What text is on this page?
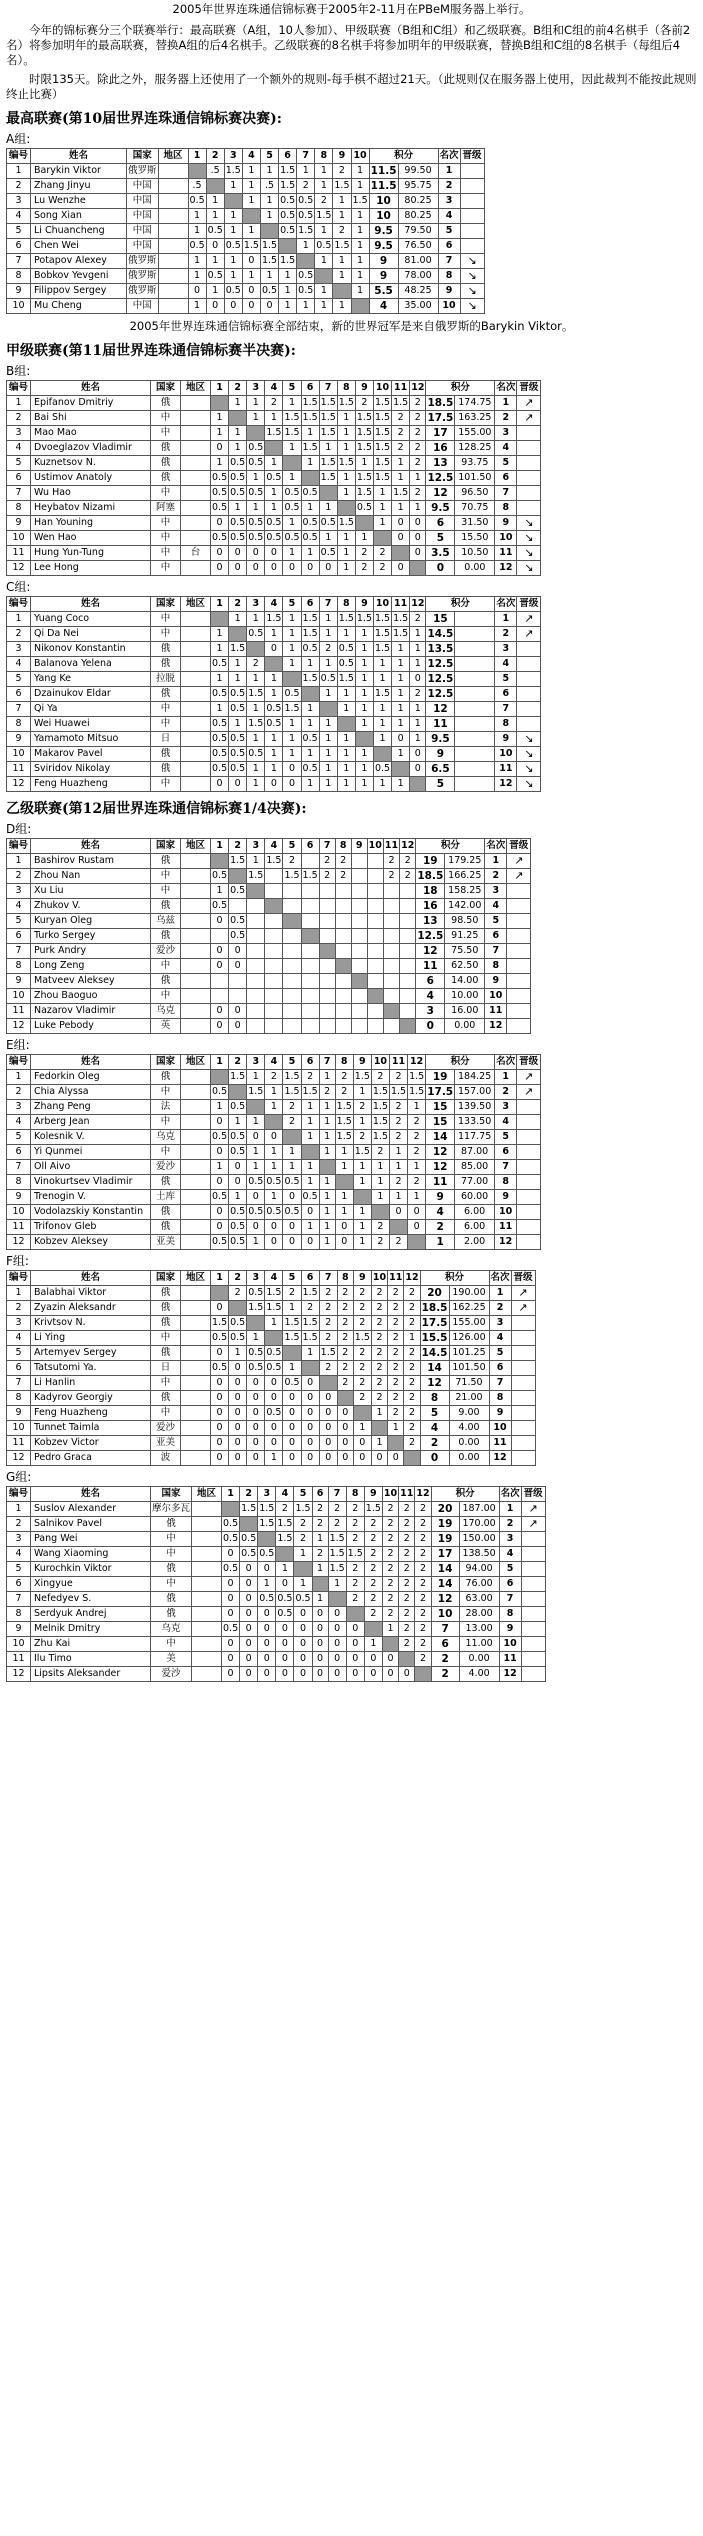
2005年世界连珠通信锦标赛于2005年2-11月在PBeM服务器上举行。

今年的锦标赛分三个联赛举行：最高联赛（A组，10人参加）、甲级联赛（B组和C组）和乙级联赛。B组和C组的前4名棋手（各前2名）将参加明年的最高联赛，替换A组的后4名棋手。乙级联赛的8名棋手将参加明年的甲级联赛，替换B组和C组的8名棋手（每组后4名）。

时限135天。除此之外，服务器上还使用了一个额外的规则-每手棋不超过21天。（此规则仅在服务器上使用，因此裁判不能按此规则终止比赛）

最高联赛(第10届世界连珠通信锦标赛决赛):
A组:
编号	姓名	国家	地区	1	2	3	4	5	6	7	8	9	10	积分		名次	晋级
1	Barykin Viktor	俄罗斯			.5	1.5	1	1	1.5	1	1	2	1	11.5	99.50	1	
2	Zhang Jinyu	中国		.5		1	1	.5	1.5	2	1	1.5	1	11.5	95.75	2	
3	Lu Wenzhe	中国		0.5	1		1	1	0.5	0.5	2	1	1.5	10	80.25	3	
4	Song Xian	中国		1	1	1		1	0.5	0.5	1.5	1	1	10	80.25	4	
5	Li Chuancheng	中国		1	0.5	1	1		0.5	1.5	1	2	1	9.5	79.50	5	
6	Chen Wei	中国		0.5	0	0.5	1.5	1.5		1	0.5	1.5	1	9.5	76.50	6	
7	Potapov Alexey	俄罗斯		1	1	1	0	1.5	1.5		1	1	1	9	81.00	7	↘
8	Bobkov Yevgeni	俄罗斯		1	0.5	1	1	1	1	0.5		1	1	9	78.00	8	↘
9	Filippov Sergey	俄罗斯		0	1	0.5	0	0.5	1	0.5	1		1	5.5	48.25	9	↘
10	Mu Cheng	中国		1	0	0	0	0	1	1	1	1		4	35.00	10	↘
2005年世界连珠通信锦标赛全部结束，新的世界冠军是来自俄罗斯的Barykin Viktor。
甲级联赛(第11届世界连珠通信锦标赛半决赛):
B组:
编号	姓名	国家	地区	1	2	3	4	5	6	7	8	9	10	11	12	积分		名次	晋级
1	Epifanov Dmitriy	俄			1	1	2	1	1.5	1.5	1.5	2	1.5	1.5	2	18.5	174.75	1	↗
2	Bai Shi	中		1		1	1	1.5	1.5	1.5	1	1.5	1.5	2	2	17.5	163.25	2	↗
3	Mao Mao	中		1	1		1.5	1.5	1	1.5	1	1.5	1.5	2	2	17	155.00	3	
4	Dvoeglazov Vladimir	俄		0	1	0.5		1	1.5	1	1	1.5	1.5	2	2	16	128.25	4	
5	Kuznetsov N.	俄		1	0.5	0.5	1		1	1.5	1.5	1	1.5	1	2	13	93.75	5	
6	Ustimov Anatoly	俄		0.5	0.5	1	0.5	1		1.5	1	1.5	1.5	1	1	12.5	101.50	6	
7	Wu Hao	中		0.5	0.5	0.5	1	0.5	0.5		1	1.5	1	1.5	2	12	96.50	7	
8	Heybatov Nizami	阿塞		0.5	1	1	1	0.5	1	1		0.5	1	1	1	9.5	70.75	8	
9	Han Youning	中		0	0.5	0.5	0.5	1	0.5	0.5	1.5		1	0	0	6	31.50	9	↘
10	Wen Hao	中		0.5	0.5	0.5	0.5	0.5	0.5	1	1	1		0	0	5	15.50	10	↘
11	Hung Yun-Tung	中	台	0	0	0	0	1	1	0.5	1	2	2		0	3.5	10.50	11	↘
12	Lee Hong	中		0	0	0	0	0	0	0	1	2	2	0		0	0.00	12	↘
C组:
编号	姓名	国家	地区	1	2	3	4	5	6	7	8	9	10	11	12	积分		名次	晋级
1	Yuang Coco	中			1	1	1.5	1	1.5	1	1.5	1.5	1.5	1.5	2	15		1	↗
2	Qi Da Nei	中		1		0.5	1	1	1.5	1	1	1	1.5	1.5	1	14.5		2	↗
3	Nikonov Konstantin	俄		1	1.5		0	1	0.5	2	0.5	1	1.5	1	1	13.5		3	
4	Balanova Yelena	俄		0.5	1	2		1	1	1	0.5	1	1	1	1	12.5		4	
5	Yang Ke	拉脱		1	1	1	1		1.5	0.5	1.5	1	1	1	0	12.5		5	
6	Dzainukov Eldar	俄		0.5	0.5	1.5	1	0.5		1	1	1	1.5	1	2	12.5		6	
7	Qi Ya	中		1	0.5	1	0.5	1.5	1		1	1	1	1	1	12		7	
8	Wei Huawei	中		0.5	1	1.5	0.5	1	1	1		1	1	1	1	11		8	
9	Yamamoto Mitsuo	日		0.5	0.5	1	1	1	0.5	1	1		1	0	1	9.5		9	↘
10	Makarov Pavel	俄		0.5	0.5	0.5	1	1	1	1	1	1		1	0	9		10	↘
11	Sviridov Nikolay	俄		0.5	0.5	1	1	0	0.5	1	1	1	0.5		0	6.5		11	↘
12	Feng Huazheng	中		0	0	1	0	0	1	1	1	1	1	1		5		12	↘
乙级联赛(第12届世界连珠通信锦标赛1/4决赛):
D组:
编号	姓名	国家	地区	1	2	3	4	5	6	7	8	9	10	11	12	积分		名次	晋级
1	Bashirov Rustam	俄			1.5	1	1.5	2		2	2			2	2	19	179.25	1	↗
2	Zhou Nan	中		0.5		1.5		1.5	1.5	2	2			2	2	18.5	166.25	2	↗
3	Xu Liu	中		1	0.5											18	158.25	3	
4	Zhukov V.	俄		0.5												16	142.00	4	
5	Kuryan Oleg	乌兹		0	0.5											13	98.50	5	
6	Turko Sergey	俄			0.5											12.5	91.25	6	
7	Purk Andry	爱沙		0	0											12	75.50	7	
8	Long Zeng	中		0	0											11	62.50	8	
9	Matveev Aleksey	俄														6	14.00	9	
10	Zhou Baoguo	中														4	10.00	10	
11	Nazarov Vladimir	乌克		0	0											3	16.00	11	
12	Luke Pebody	英		0	0											0	0.00	12	
E组:
编号	姓名	国家	地区	1	2	3	4	5	6	7	8	9	10	11	12	积分		名次	晋级
1	Fedorkin Oleg	俄			1.5	1	2	1.5	2	1	2	1.5	2	2	1.5	19	184.25	1	↗
2	Chia Alyssa	中		0.5		1.5	1	1.5	1.5	2	2	1	1.5	1.5	1.5	17.5	157.00	2	↗
3	Zhang Peng	法		1	0.5		1	2	1	1	1.5	2	1.5	2	1	15	139.50	3	
4	Arberg Jean	中		0	1	1		2	1	1	1.5	1	1.5	2	2	15	133.50	4	
5	Kolesnik V.	乌克		0.5	0.5	0	0		1	1	1.5	2	1.5	2	2	14	117.75	5	
6	Yi Qunmei	中		0	0.5	1	1	1		1	1	1.5	2	1	2	12	87.00	6	
7	Oll Aivo	爱沙		1	0	1	1	1	1		1	1	1	1	1	12	85.00	7	
8	Vinokurtsev Vladimir	俄		0	0	0.5	0.5	0.5	1	1		1	1	2	2	11	77.00	8	
9	Trenogin V.	土库		0.5	1	0	1	0	0.5	1	1		1	1	1	9	60.00	9	
10	Vodolazskiy Konstantin	俄		0	0.5	0.5	0.5	0.5	0	1	1	1		0	0	4	6.00	10	
11	Trifonov Gleb	俄		0	0.5	0	0	0	1	1	0	1	2		0	2	6.00	11	
12	Kobzev Aleksey	亚美		0.5	0.5	1	0	0	0	1	0	1	2	2		1	2.00	12	
F组:
编号	姓名	国家	地区	1	2	3	4	5	6	7	8	9	10	11	12	积分		名次	晋级
1	Balabhai Viktor	俄			2	0.5	1.5	2	1.5	2	2	2	2	2	2	20	190.00	1	↗
2	Zyazin Aleksandr	俄		0		1.5	1.5	1	2	2	2	2	2	2	2	18.5	162.25	2	↗
3	Krivtsov N.	俄		1.5	0.5		1	1.5	1.5	2	2	2	2	2	2	17.5	155.00	3	
4	Li Ying	中		0.5	0.5	1		1.5	1.5	2	2	1.5	2	2	1	15.5	126.00	4	
5	Artemyev Sergey	俄		0	1	0.5	0.5		1	1.5	2	2	2	2	2	14.5	101.25	5	
6	Tatsutomi Ya.	日		0.5	0	0.5	0.5	1		2	2	2	2	2	2	14	101.50	6	
7	Li Hanlin	中		0	0	0	0	0.5	0		2	2	2	2	2	12	71.50	7	
8	Kadyrov Georgiy	俄		0	0	0	0	0	0	0		2	2	2	2	8	21.00	8	
9	Feng Huazheng	中		0	0	0	0.5	0	0	0	0		1	2	2	5	9.00	9	
10	Tunnet Taimla	爱沙		0	0	0	0	0	0	0	0	1		1	2	4	4.00	10	
11	Kobzev Victor	亚美		0	0	0	0	0	0	0	0	0	1		2	2	0.00	11	
12	Pedro Graca	波		0	0	0	1	0	0	0	0	0	0	0		0	0.00	12	
G组:
编号	姓名	国家	地区	1	2	3	4	5	6	7	8	9	10	11	12	积分		名次	晋级
1	Suslov Alexander	摩尔多瓦			1.5	1.5	2	1.5	2	2	2	1.5	2	2	2	20	187.00	1	↗
2	Salnikov Pavel	俄		0.5		1.5	1.5	2	2	2	2	2	2	2	2	19	170.00	2	↗
3	Pang Wei	中		0.5	0.5		1.5	2	1	1.5	2	2	2	2	2	19	150.00	3	
4	Wang Xiaoming	中		0	0.5	0.5		1	2	1.5	1.5	2	2	2	2	17	138.50	4	
5	Kurochkin Viktor	俄		0.5	0	0	1		1	1.5	2	2	2	2	2	14	94.00	5	
6	Xingyue	中		0	0	1	0	1		1	2	2	2	2	2	14	76.00	6	
7	Nefedyev S.	俄		0	0	0.5	0.5	0.5	1		2	2	2	2	2	12	63.00	7	
8	Serdyuk Andrej	俄		0	0	0	0.5	0	0	0		2	2	2	2	10	28.00	8	
9	Melnik Dmitry	乌克		0.5	0	0	0	0	0	0	0		1	2	2	7	13.00	9	
10	Zhu Kai	中		0	0	0	0	0	0	0	0	1		2	2	6	11.00	10	
11	Ilu Timo	美		0	0	0	0	0	0	0	0	0	0		2	2	0.00	11	
12	Lipsits Aleksander	爱沙		0	0	0	0	0	0	0	0	0	0	0		2	4.00	12	
